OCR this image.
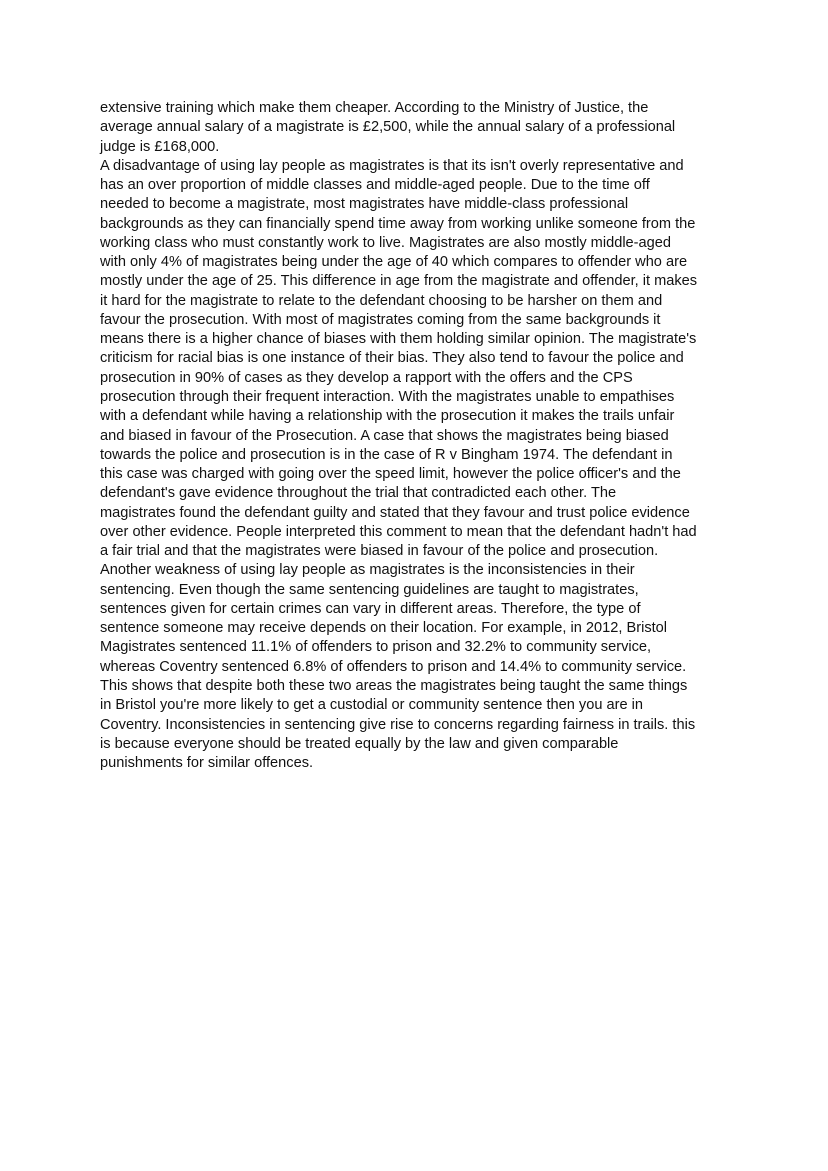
extensive training which make them cheaper. According to the Ministry of Justice, the
average annual salary of a magistrate is £2,500, while the annual salary of a professional
judge is £168,000.
A disadvantage of using lay people as magistrates is that its isn't overly representative and
has an over proportion of middle classes and middle-aged people. Due to the time off
needed to become a magistrate, most magistrates have middle-class professional
backgrounds as they can financially spend time away from working unlike someone from the
working class who must constantly work to live. Magistrates are also mostly middle-aged
with only 4% of magistrates being under the age of 40 which compares to offender who are
mostly under the age of 25. This difference in age from the magistrate and offender, it makes
it hard for the magistrate to relate to the defendant choosing to be harsher on them and
favour the prosecution. With most of magistrates coming from the same backgrounds it
means there is a higher chance of biases with them holding similar opinion. The magistrate's
criticism for racial bias is one instance of their bias. They also tend to favour the police and
prosecution in 90% of cases as they develop a rapport with the offers and the CPS
prosecution through their frequent interaction. With the magistrates unable to empathises
with a defendant while having a relationship with the prosecution it makes the trails unfair
and biased in favour of the Prosecution. A case that shows the magistrates being biased
towards the police and prosecution is in the case of R v Bingham 1974. The defendant in
this case was charged with going over the speed limit, however the police officer's and the
defendant's gave evidence throughout the trial that contradicted each other. The
magistrates found the defendant guilty and stated that they favour and trust police evidence
over other evidence. People interpreted this comment to mean that the defendant hadn't had
a fair trial and that the magistrates were biased in favour of the police and prosecution.
Another weakness of using lay people as magistrates is the inconsistencies in their
sentencing. Even though the same sentencing guidelines are taught to magistrates,
sentences given for certain crimes can vary in different areas. Therefore, the type of
sentence someone may receive depends on their location. For example, in 2012, Bristol
Magistrates sentenced 11.1% of offenders to prison and 32.2% to community service,
whereas Coventry sentenced 6.8% of offenders to prison and 14.4% to community service.
This shows that despite both these two areas the magistrates being taught the same things
in Bristol you're more likely to get a custodial or community sentence then you are in
Coventry. Inconsistencies in sentencing give rise to concerns regarding fairness in trails. this
is because everyone should be treated equally by the law and given comparable
punishments for similar offences.
